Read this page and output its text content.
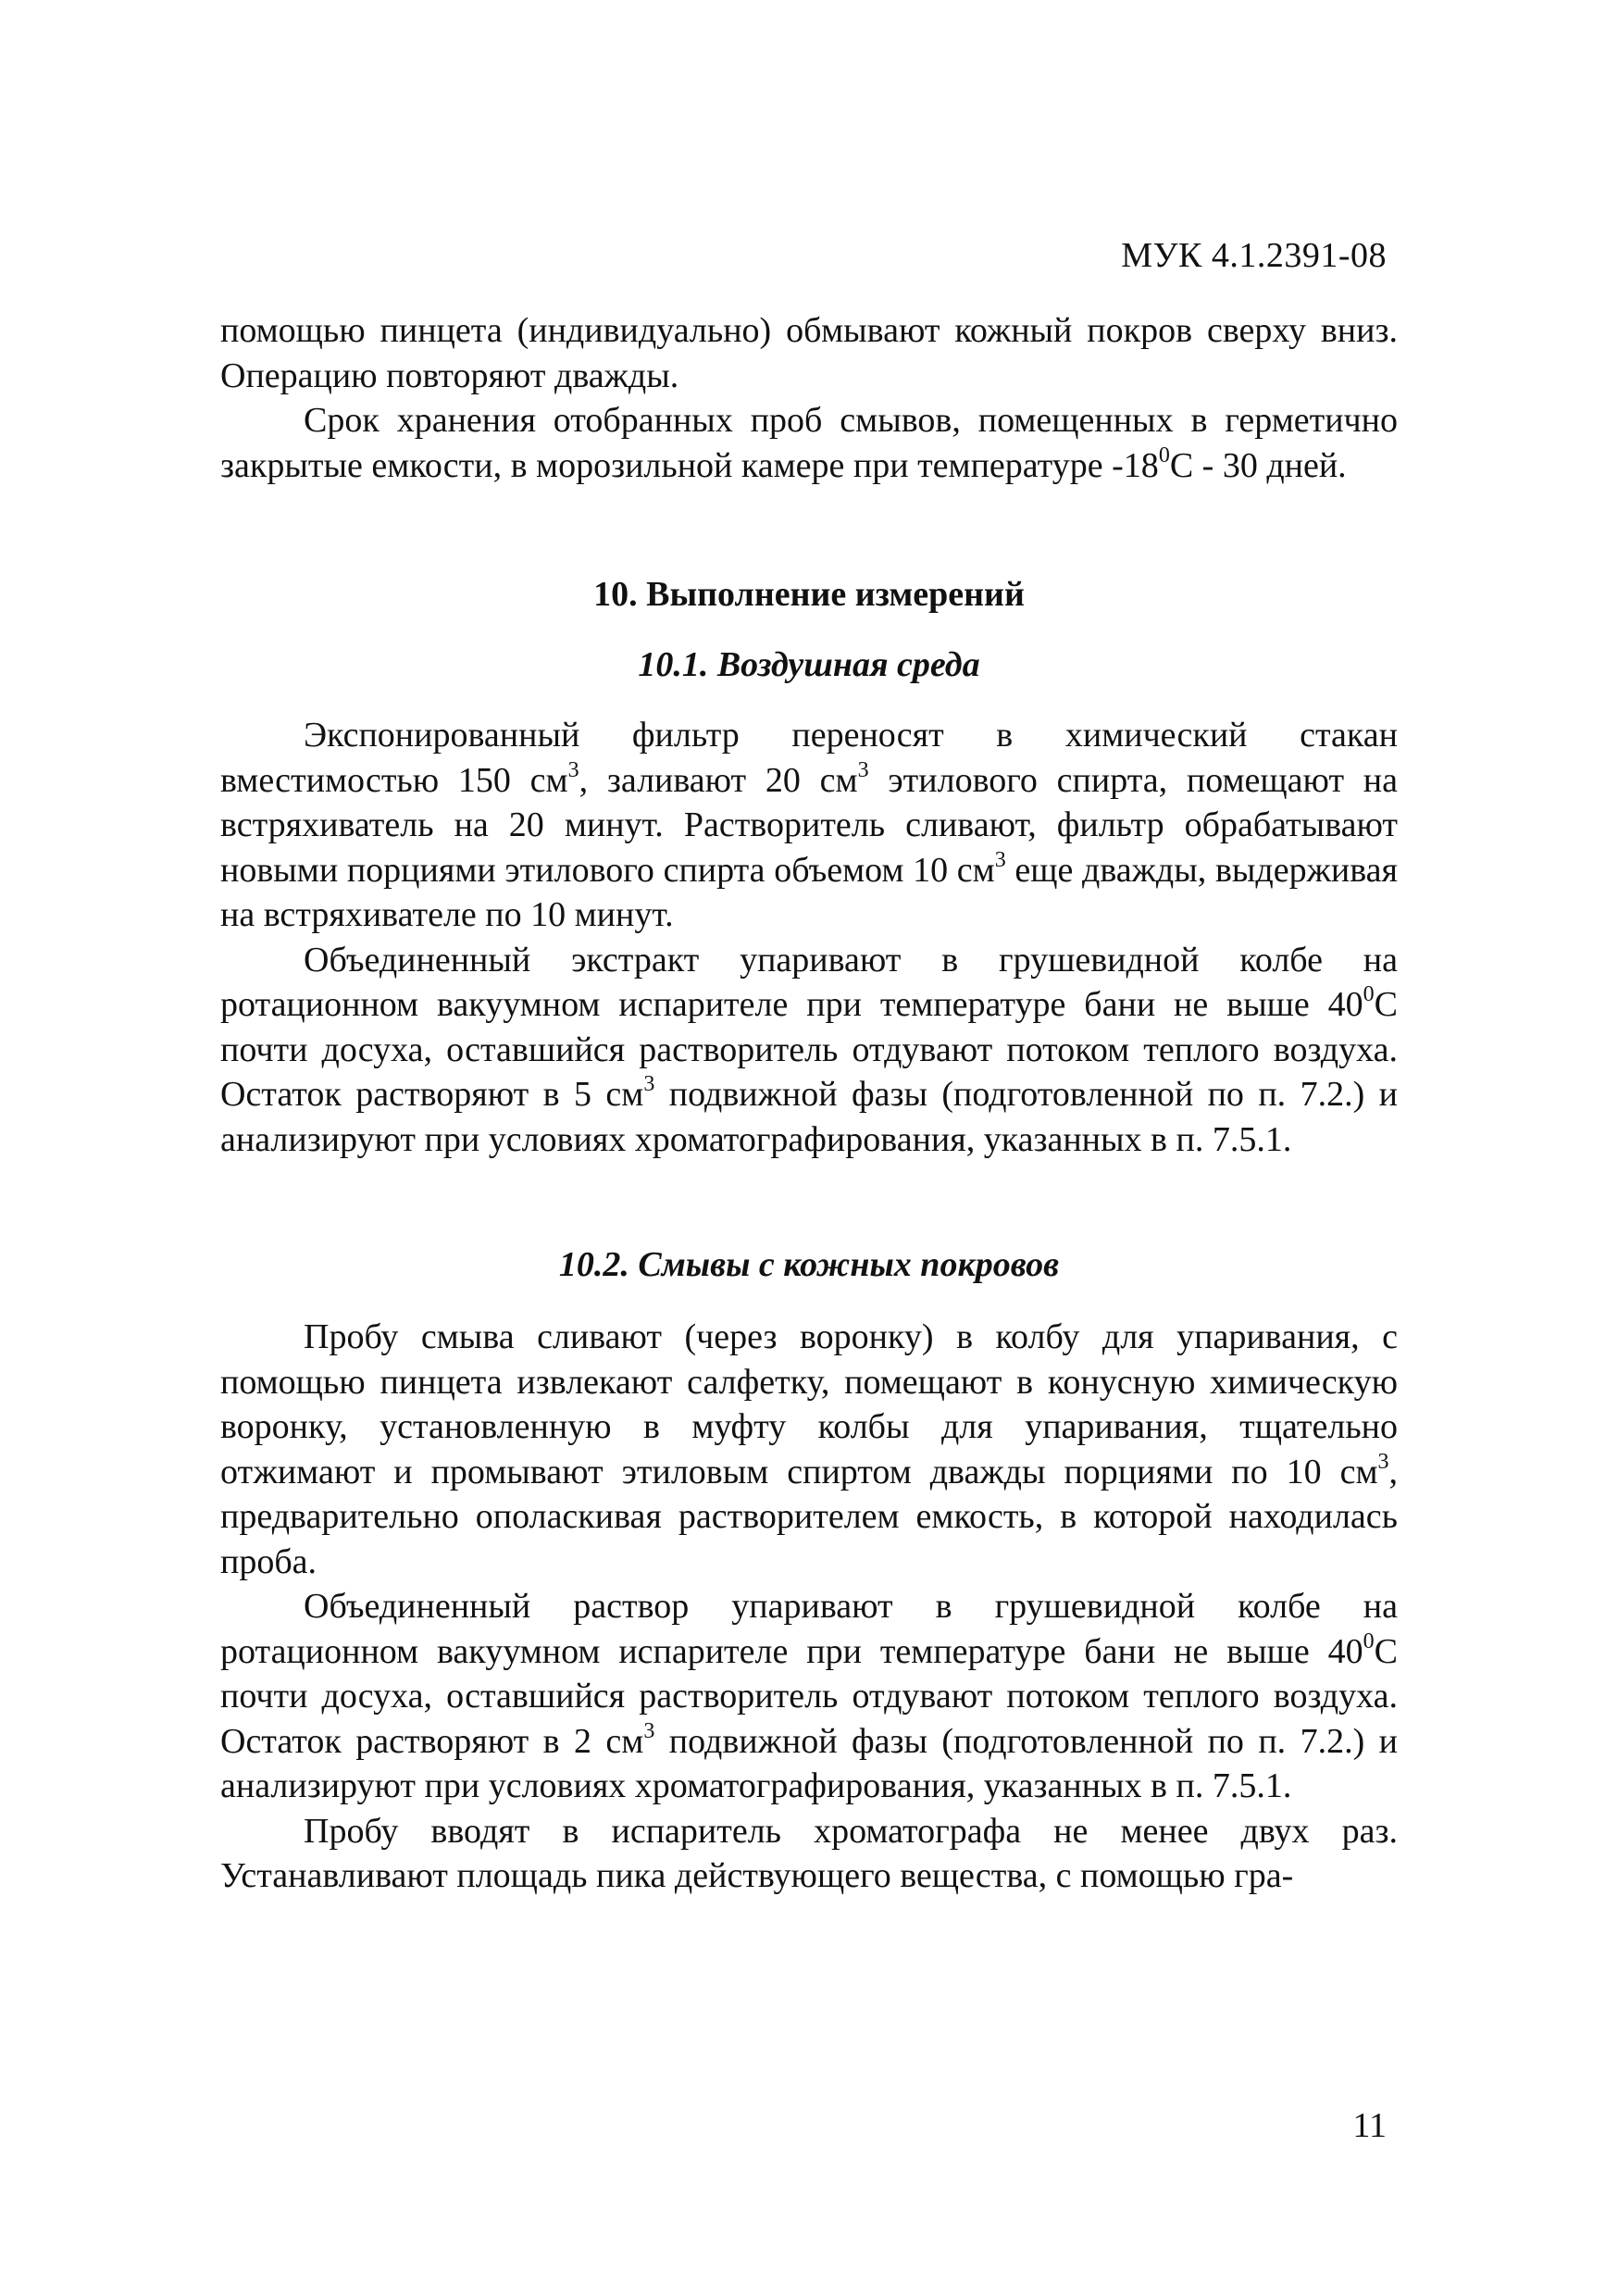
МУК 4.1.2391-08

помощью пинцета (индивидуально) обмывают кожный покров сверху вниз. Операцию повторяют дважды.

Срок хранения отобранных проб смывов, помещенных в герметично закрытые емкости, в морозильной камере при температуре $-18^0С - 30$ дней.

10. Выполнение измерений
10.1. Воздушная среда

Экспонированный фильтр переносят в химический стакан вместимостью 150 $см^3$, заливают 20 $см^3$ этилового спирта, помещают на встряхиватель на 20 минут. Растворитель сливают, фильтр обрабатывают новыми порциями этилового спирта объемом 10 $см^3$ еще дважды, выдерживая на встряхивателе по 10 минут.

Объединенный экстракт упаривают в грушевидной колбе на ротационном вакуумном испарителе при температуре бани не выше $40^0С$ почти досуха, оставшийся растворитель отдувают потоком теплого воздуха. Остаток растворяют в 5 $см^3$ подвижной фазы (подготовленной по п. 7.2.) и анализируют при условиях хроматографирования, указанных в п. 7.5.1.

10.2. Смывы с кожных покровов

Пробу смыва сливают (через воронку) в колбу для упаривания, с помощью пинцета извлекают салфетку, помещают в конусную химическую воронку, установленную в муфту колбы для упаривания, тщательно отжимают и промывают этиловым спиртом дважды порциями по 10 $см^3$, предварительно ополаскивая растворителем емкость, в которой находилась проба.

Объединенный раствор упаривают в грушевидной колбе на ротационном вакуумном испарителе при температуре бани не выше $40^0С$ почти досуха, оставшийся растворитель отдувают потоком теплого воздуха. Остаток растворяют в 2 $см^3$ подвижной фазы (подготовленной по п. 7.2.) и анализируют при условиях хроматографирования, указанных в п. 7.5.1.

Пробу вводят в испаритель хроматографа не менее двух раз. Устанавливают площадь пика действующего вещества, с помощью гра-

11
